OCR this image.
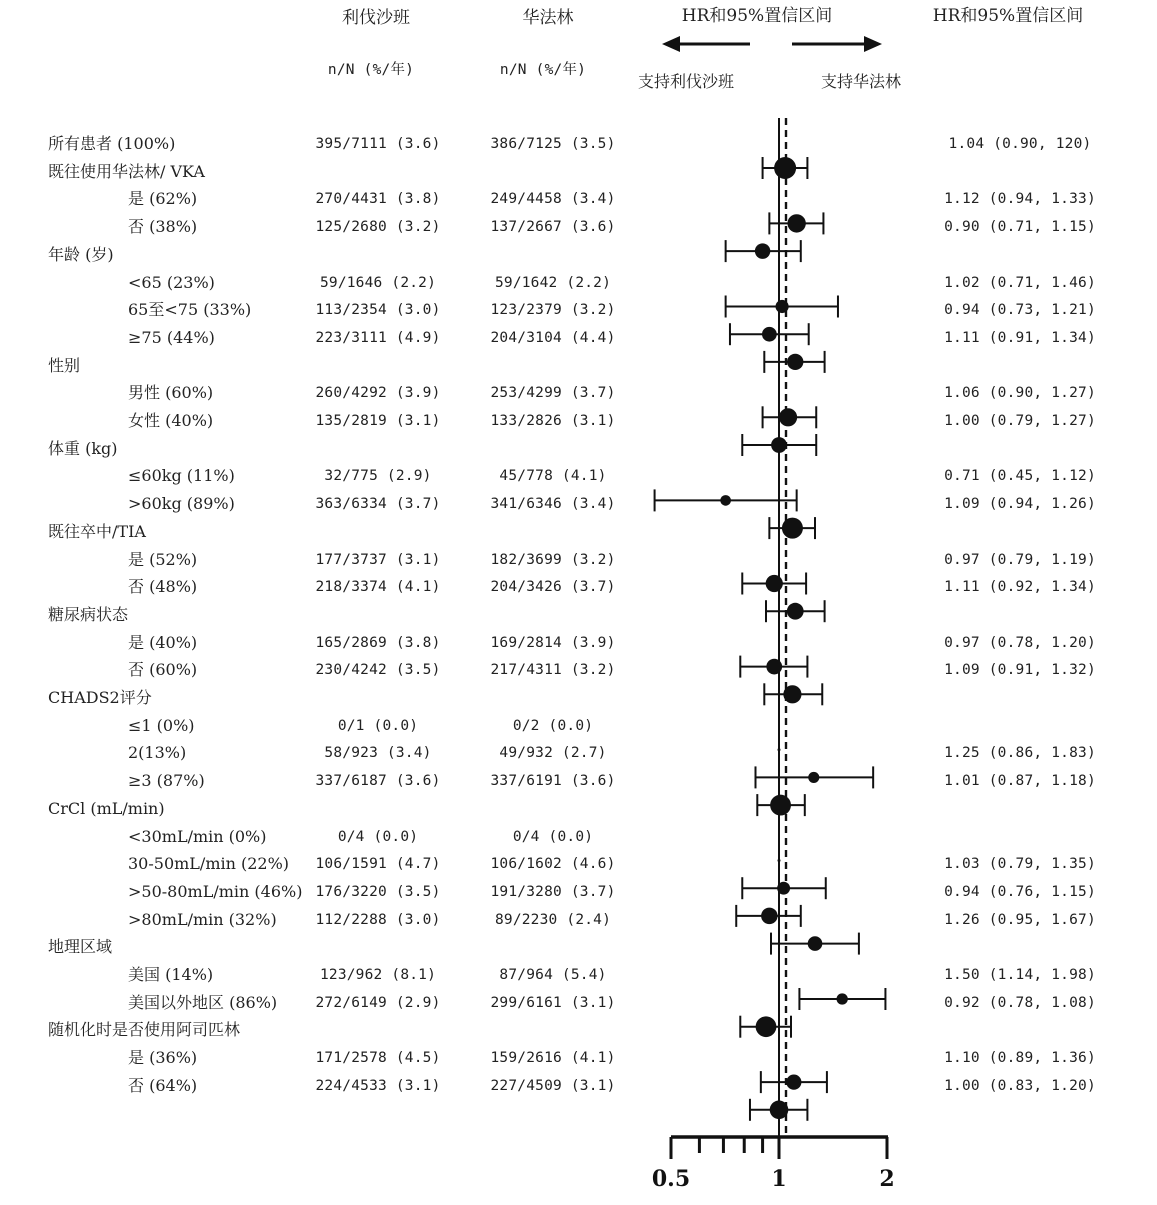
利伐沙班	华法林	HR和95%置信区间	HR和95%置信区间
n/N (%/年)	n/N (%/年)
支持利伐沙班	支持华法林
0.5	1	2
所有患者 (100%)	395/7111 (3.6)	386/7125 (3.5)	1.04 (0.90, 120)
既往使用华法林/ VKA
是 (62%)	270/4431 (3.8)	249/4458 (3.4)	1.12 (0.94, 1.33)
否 (38%)	125/2680 (3.2)	137/2667 (3.6)	0.90 (0.71, 1.15)
年龄 (岁)
<65 (23%)	59/1646 (2.2)	59/1642 (2.2)	1.02 (0.71, 1.46)
65至<75 (33%)	113/2354 (3.0)	123/2379 (3.2)	0.94 (0.73, 1.21)
≥75 (44%)	223/3111 (4.9)	204/3104 (4.4)	1.11 (0.91, 1.34)
性别
男性 (60%)	260/4292 (3.9)	253/4299 (3.7)	1.06 (0.90, 1.27)
女性 (40%)	135/2819 (3.1)	133/2826 (3.1)	1.00 (0.79, 1.27)
体重 (kg)
≤60kg (11%)	32/775 (2.9)	45/778 (4.1)	0.71 (0.45, 1.12)
>60kg (89%)	363/6334 (3.7)	341/6346 (3.4)	1.09 (0.94, 1.26)
既往卒中/TIA
是 (52%)	177/3737 (3.1)	182/3699 (3.2)	0.97 (0.79, 1.19)
否 (48%)	218/3374 (4.1)	204/3426 (3.7)	1.11 (0.92, 1.34)
糖尿病状态
是 (40%)	165/2869 (3.8)	169/2814 (3.9)	0.97 (0.78, 1.20)
否 (60%)	230/4242 (3.5)	217/4311 (3.2)	1.09 (0.91, 1.32)
CHADS2评分
≤1 (0%)	0/1 (0.0)	0/2 (0.0)
2(13%)	58/923 (3.4)	49/932 (2.7)	1.25 (0.86, 1.83)
≥3 (87%)	337/6187 (3.6)	337/6191 (3.6)	1.01 (0.87, 1.18)
CrCl (mL/min)
<30mL/min (0%)	0/4 (0.0)	0/4 (0.0)
30-50mL/min (22%) 106/1591 (4.7)	106/1602 (4.6)	1.03 (0.79, 1.35)
>50-80mL/min (46%) 176/3220 (3.5)	191/3280 (3.7)	0.94 (0.76, 1.15)
>80mL/min (32%)	112/2288 (3.0)	89/2230 (2.4)	1.26 (0.95, 1.67)
地理区域
美国 (14%)	123/962 (8.1)	87/964 (5.4)	1.50 (1.14, 1.98)
美国以外地区 (86%)	272/6149 (2.9)	299/6161 (3.1)	0.92 (0.78, 1.08)
随机化时是否使用阿司匹林
是 (36%)	171/2578 (4.5)	159/2616 (4.1)	1.10 (0.89, 1.36)
否 (64%)	224/4533 (3.1)	227/4509 (3.1)	1.00 (0.83, 1.20)
